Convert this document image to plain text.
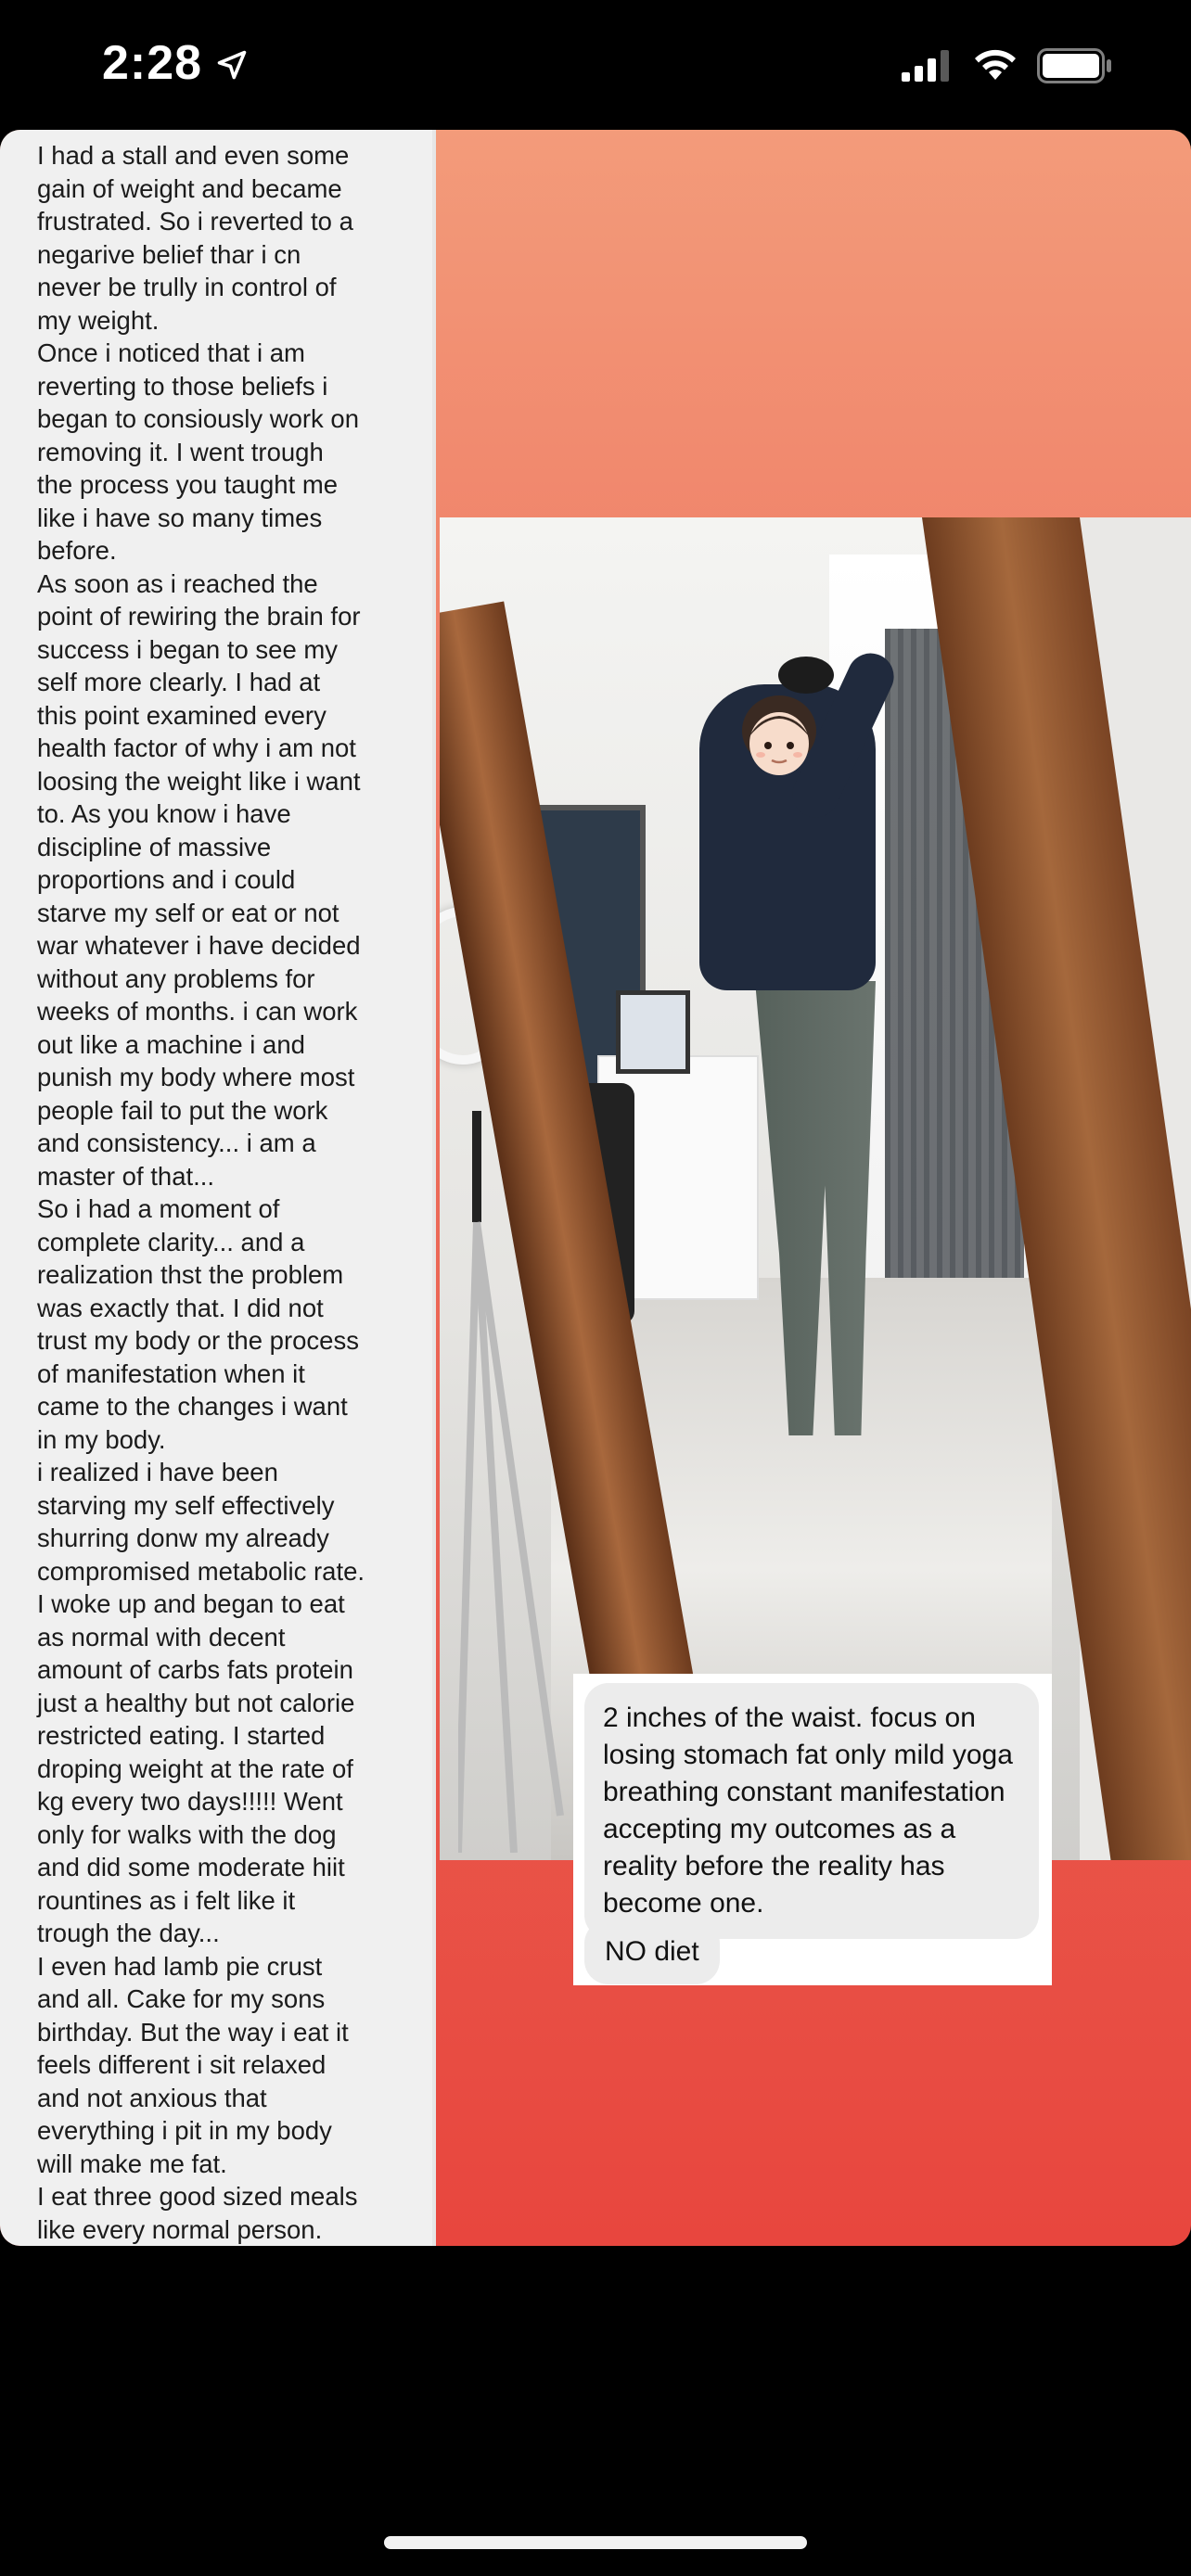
2:28
I had a stall and even some
gain of weight and became
frustrated. So i reverted to a
negarive belief thar i cn
never be trully in control of
my weight.
Once i noticed that i am
reverting to those beliefs i
began to consiously work on
removing it. I went trough
the process you taught me
like i have so many times
before.
As soon as i reached the
point of rewiring the brain for
success i began to see my
self more clearly. I had at
this point examined every
health factor of why i am not
loosing the weight like i want
to. As you know i have
discipline of massive
proportions and i could
starve my self or eat or not
war whatever i have decided
without any problems for
weeks of months. i can work
out like a machine i and
punish my body where most
people fail to put the work
and consistency... i am a
master of that...
So i had a moment of
complete clarity... and a
realization thst the problem
was exactly that. I did not
trust my body or the process
of manifestation when it
came to the changes i want
in my body.
i realized i have been
starving my self effectively
shurring donw my already
compromised metabolic rate.
I woke up and began to eat
as normal with decent
amount of carbs fats protein
just a healthy but not calorie
restricted eating. I started
droping weight at the rate of
kg every two days!!!!! Went
only for walks with the dog
and did some moderate hiit
rountines as i felt like it
trough the day...
I even had lamb pie crust
and all. Cake for my sons
birthday. But the way i eat it
feels different i sit relaxed
and not anxious that
everything i pit in my body
will make me fat.
I eat three good sized meals
like every normal person.
2 inches of the waist. focus on losing stomach fat only mild yoga breathing constant manifestation accepting my outcomes as a reality before the reality has become one.
NO diet
